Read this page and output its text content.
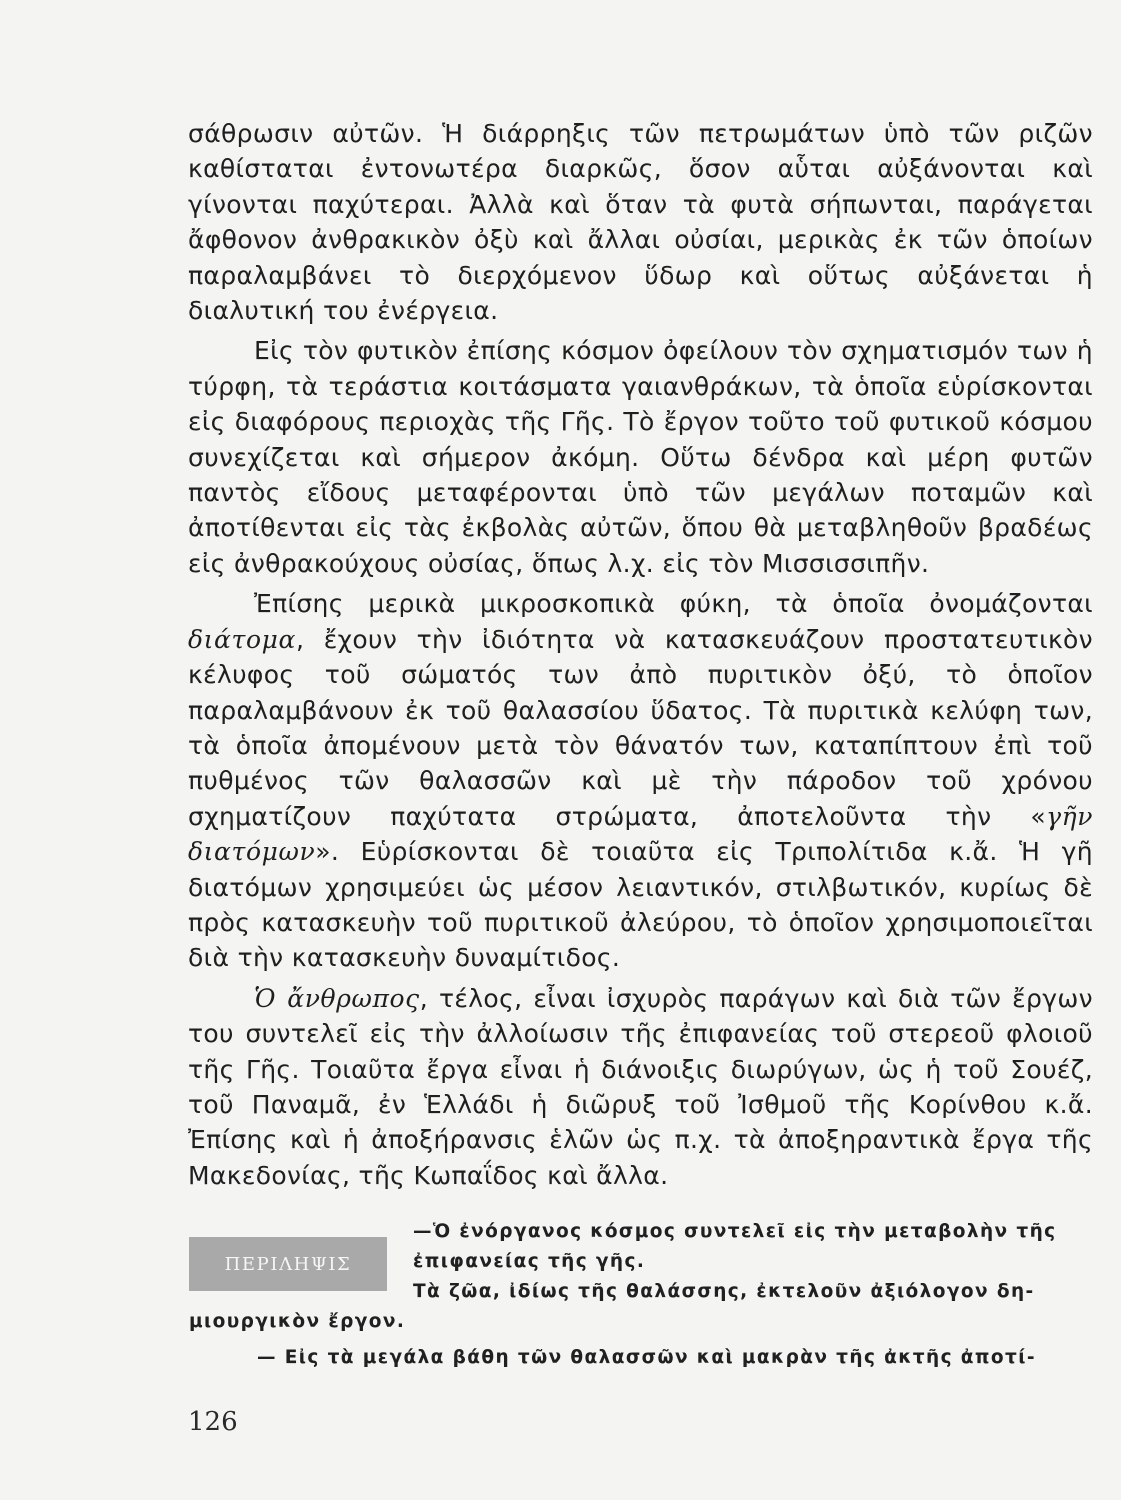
σάθρωσιν αὐτῶν. Ἡ διάρρηξις τῶν πετρωμάτων ὑπὸ τῶν ριζῶν καθίσταται ἐντονωτέρα διαρκῶς, ὅσον αὗται αὐξάνονται καὶ γίνονται παχύτεραι. Ἀλλὰ καὶ ὅταν τὰ φυτὰ σήπωνται, παράγεται ἄφθονον ἀνθρακικὸν ὀξὺ καὶ ἄλλαι οὐσίαι, μερικὰς ἐκ τῶν ὁποίων παραλαμβάνει τὸ διερχόμενον ὕδωρ καὶ οὕτως αὐξάνεται ἡ διαλυτική του ἐνέργεια.

Εἰς τὸν φυτικὸν ἐπίσης κόσμον ὀφείλουν τὸν σχηματισμόν των ἡ τύρφη, τὰ τεράστια κοιτάσματα γαιανθράκων, τὰ ὁποῖα εὑρίσκονται εἰς διαφόρους περιοχὰς τῆς Γῆς. Τὸ ἔργον τοῦτο τοῦ φυτικοῦ κόσμου συνεχίζεται καὶ σήμερον ἀκόμη. Οὕτω δένδρα καὶ μέρη φυτῶν παντὸς εἴδους μεταφέρονται ὑπὸ τῶν μεγάλων ποταμῶν καὶ ἀποτίθενται εἰς τὰς ἐκβολὰς αὐτῶν, ὅπου θὰ μεταβληθοῦν βραδέως εἰς ἀνθρακούχους οὐσίας, ὅπως λ.χ. εἰς τὸν Μισσισσιπῆν.

Ἐπίσης μερικὰ μικροσκοπικὰ φύκη, τὰ ὁποῖα ὀνομάζονται διάτομα, ἔχουν τὴν ἰδιότητα νὰ κατασκευάζουν προστατευτικὸν κέλυφος τοῦ σώματός των ἀπὸ πυριτικὸν ὀξύ, τὸ ὁποῖον παραλαμβάνουν ἐκ τοῦ θαλασσίου ὕδατος. Τὰ πυριτικὰ κελύφη των, τὰ ὁποῖα ἀπομένουν μετὰ τὸν θάνατόν των, καταπίπτουν ἐπὶ τοῦ πυθμένος τῶν θαλασσῶν καὶ μὲ τὴν πάροδον τοῦ χρόνου σχηματίζουν παχύτατα στρώματα, ἀποτελοῦντα τὴν «γῆν διατόμων». Εὑρίσκονται δὲ τοιαῦτα εἰς Τριπολίτιδα κ.ἄ. Ἡ γῆ διατόμων χρησιμεύει ὡς μέσον λειαντικόν, στιλβωτικόν, κυρίως δὲ πρὸς κατασκευὴν τοῦ πυριτικοῦ ἀλεύρου, τὸ ὁποῖον χρησιμοποιεῖται διὰ τὴν κατασκευὴν δυναμίτιδος.

Ὁ ἄνθρωπος, τέλος, εἶναι ἰσχυρὸς παράγων καὶ διὰ τῶν ἔργων του συντελεῖ εἰς τὴν ἀλλοίωσιν τῆς ἐπιφανείας τοῦ στερεοῦ φλοιοῦ τῆς Γῆς. Τοιαῦτα ἔργα εἶναι ἡ διάνοιξις διωρύγων, ὡς ἡ τοῦ Σουέζ, τοῦ Παναμᾶ, ἐν Ἑλλάδι ἡ διῶρυξ τοῦ Ἰσθμοῦ τῆς Κορίνθου κ.ἄ. Ἐπίσης καὶ ἡ ἀποξήρανσις ἑλῶν ὡς π.χ. τὰ ἀποξηραντικὰ ἔργα τῆς Μακεδονίας, τῆς Κωπαΐδος καὶ ἄλλα.

ΠΕΡΙΛΗΨΙΣ
—Ὁ ἐνόργανος κόσμος συντελεῖ εἰς τὴν μεταβολὴν τῆς
ἐπιφανείας τῆς γῆς.
Τὰ ζῶα, ἰδίως τῆς θαλάσσης, ἐκτελοῦν ἀξιόλογον δη-
μιουργικὸν ἔργον.
— Εἰς τὰ μεγάλα βάθη τῶν θαλασσῶν καὶ μακρὰν τῆς ἀκτῆς ἀποτί-
126
